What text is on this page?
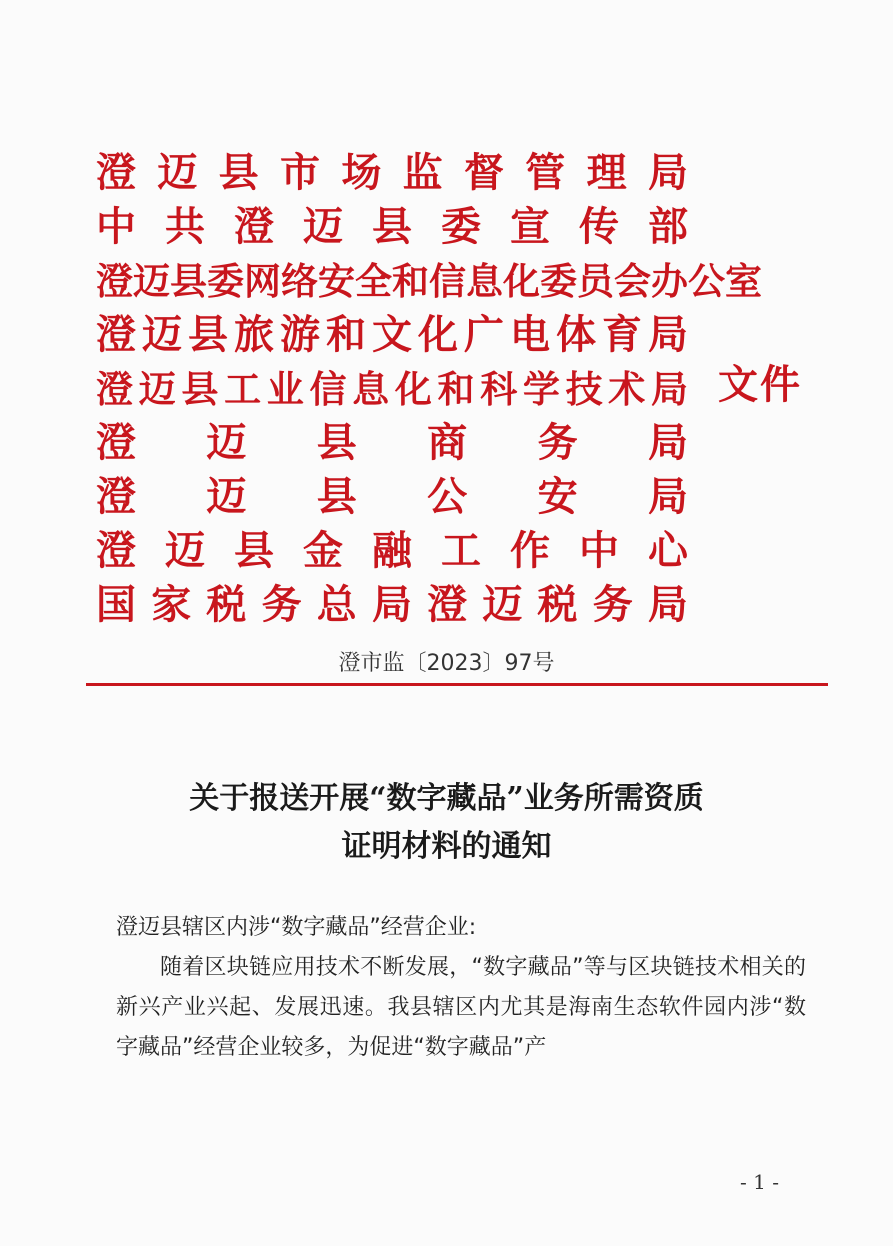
澄 迈 县 市 场 监 督 管 理 局
中 共 澄 迈 县 委 宣 传 部
澄 迈 县 委 网 络 安 全 和 信 息 化 委 员 会 办 公 室
澄 迈 县 旅 游 和 文 化 广 电 体 育 局
澄 迈 县 工 业 信 息 化 和 科 学 技 术 局
澄 迈 县 商 务 局
澄 迈 县 公 安 局
澄 迈 县 金 融 工 作 中 心
国 家 税 务 总 局 澄 迈 税 务 局
文件
澄市监〔2023〕97号
关于报送开展“数字藏品”业务所需资质
证明材料的通知

澄迈县辖区内涉“数字藏品”经营企业:

随着区块链应用技术不断发展，“数字藏品”等与区块链技术相关的新兴产业兴起、发展迅速。我县辖区内尤其是海南生态软件园内涉“数字藏品”经营企业较多，为促进“数字藏品”产

- 1 -
